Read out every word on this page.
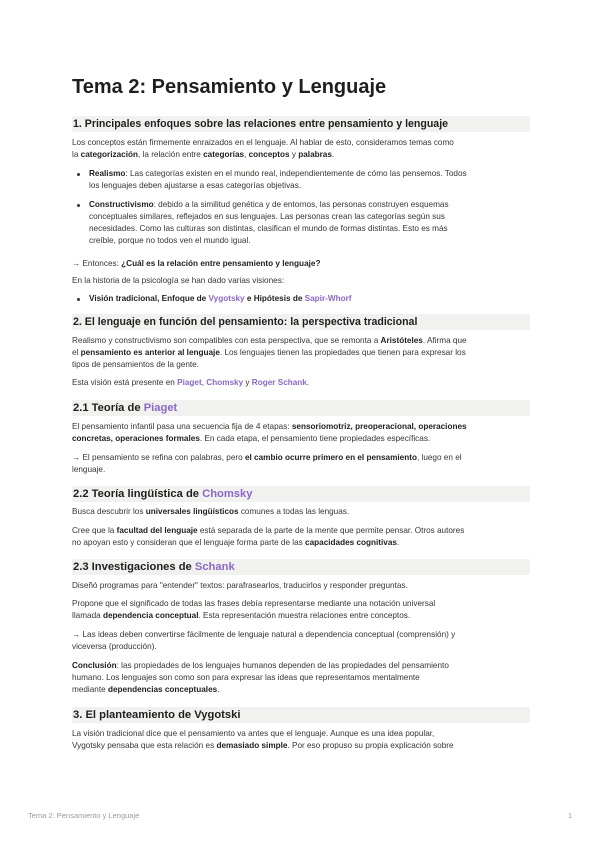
Tema 2: Pensamiento y Lenguaje

1. Principales enfoques sobre las relaciones entre pensamiento y lenguaje

Los conceptos están firmemente enraizados en el lenguaje. Al hablar de esto, consideramos temas como

la categorización, la relación entre categorías, conceptos y palabras.

Realismo: Las categorías existen en el mundo real, independientemente de cómo las pensemos. Todos

los lenguajes deben ajustarse a esas categorías objetivas.

Constructivismo: debido a la similitud genética y de entornos, las personas construyen esquemas

conceptuales similares, reflejados en sus lenguajes. Las personas crean las categorías según sus

necesidades. Como las culturas son distintas, clasifican el mundo de formas distintas. Esto es más

creíble, porque no todos ven el mundo igual.

→ Entonces: ¿Cuál es la relación entre pensamiento y lenguaje?

En la historia de la psicología se han dado varias visiones:

Visión tradicional, Enfoque de Vygotsky e Hipótesis de Sapir-Whorf

2. El lenguaje en función del pensamiento: la perspectiva tradicional

Realismo y constructivismo son compatibles con esta perspectiva, que se remonta a Aristóteles. Afirma que

el pensamiento es anterior al lenguaje. Los lenguajes tienen las propiedades que tienen para expresar los

tipos de pensamientos de la gente.

Esta visión está presente en Piaget, Chomsky y Roger Schank.

2.1 Teoría de Piaget

El pensamiento infantil pasa una secuencia fija de 4 etapas: sensoriomotriz, preoperacional, operaciones

concretas, operaciones formales. En cada etapa, el pensamiento tiene propiedades específicas.

→ El pensamiento se refina con palabras, pero el cambio ocurre primero en el pensamiento, luego en el

lenguaje.

2.2 Teoría lingüística de Chomsky

Busca descubrir los universales lingüísticos comunes a todas las lenguas.

Cree que la facultad del lenguaje está separada de la parte de la mente que permite pensar. Otros autores

no apoyan esto y consideran que el lenguaje forma parte de las capacidades cognitivas.

2.3 Investigaciones de Schank

Diseñó programas para "entender" textos: parafrasearlos, traducirlos y responder preguntas.

Propone que el significado de todas las frases debía representarse mediante una notación universal

llamada dependencia conceptual. Esta representación muestra relaciones entre conceptos.

→ Las ideas deben convertirse fácilmente de lenguaje natural a dependencia conceptual (comprensión) y

viceversa (producción).

Conclusión: las propiedades de los lenguajes humanos dependen de las propiedades del pensamiento

humano. Los lenguajes son como son para expresar las ideas que representamos mentalmente

mediante dependencias conceptuales.

3. El planteamiento de Vygotski

La visión tradicional dice que el pensamiento va antes que el lenguaje. Aunque es una idea popular,

Vygotsky pensaba que esta relación es demasiado simple. Por eso propuso su propia explicación sobre

Tema 2: Pensamiento y Lenguaje	1
